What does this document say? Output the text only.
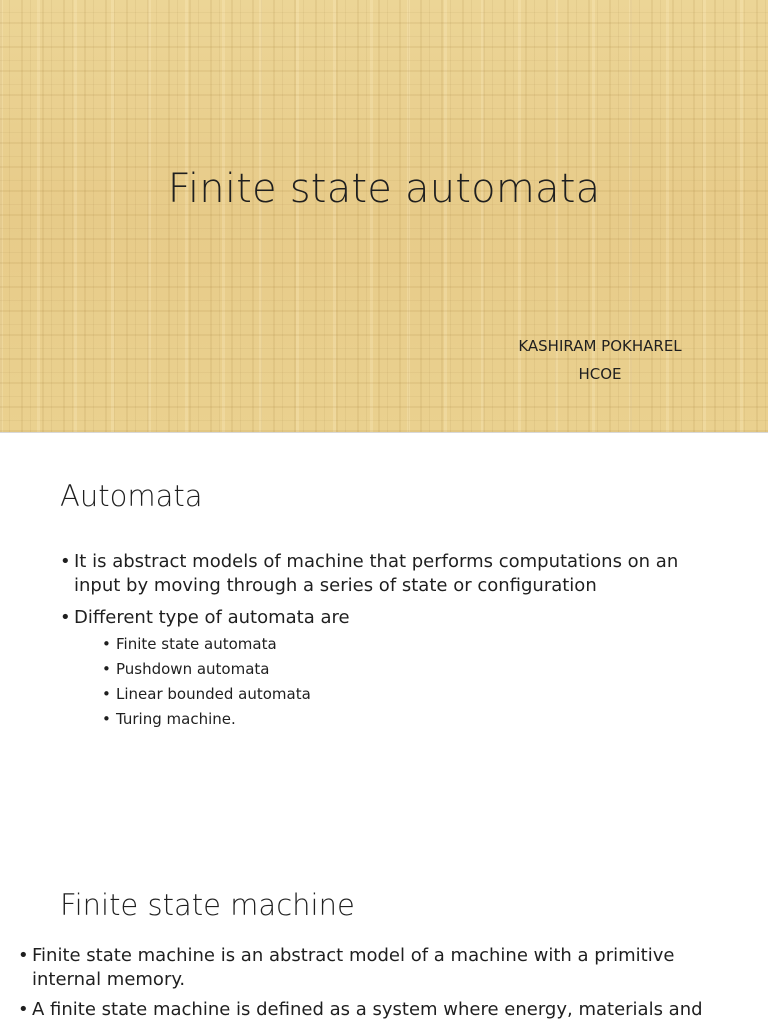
Finite state automata
KASHIRAM POKHAREL
HCOE
Automata
• It is abstract models of machine that performs computations on an input by moving through a series of state or configuration
• Different type of automata are
• Finite state automata
• Pushdown automata
• Linear bounded automata
• Turing machine.
Finite state machine
• Finite state machine is an abstract model of a machine with a primitive internal memory.
• A finite state machine is defined as a system where energy, materials and
